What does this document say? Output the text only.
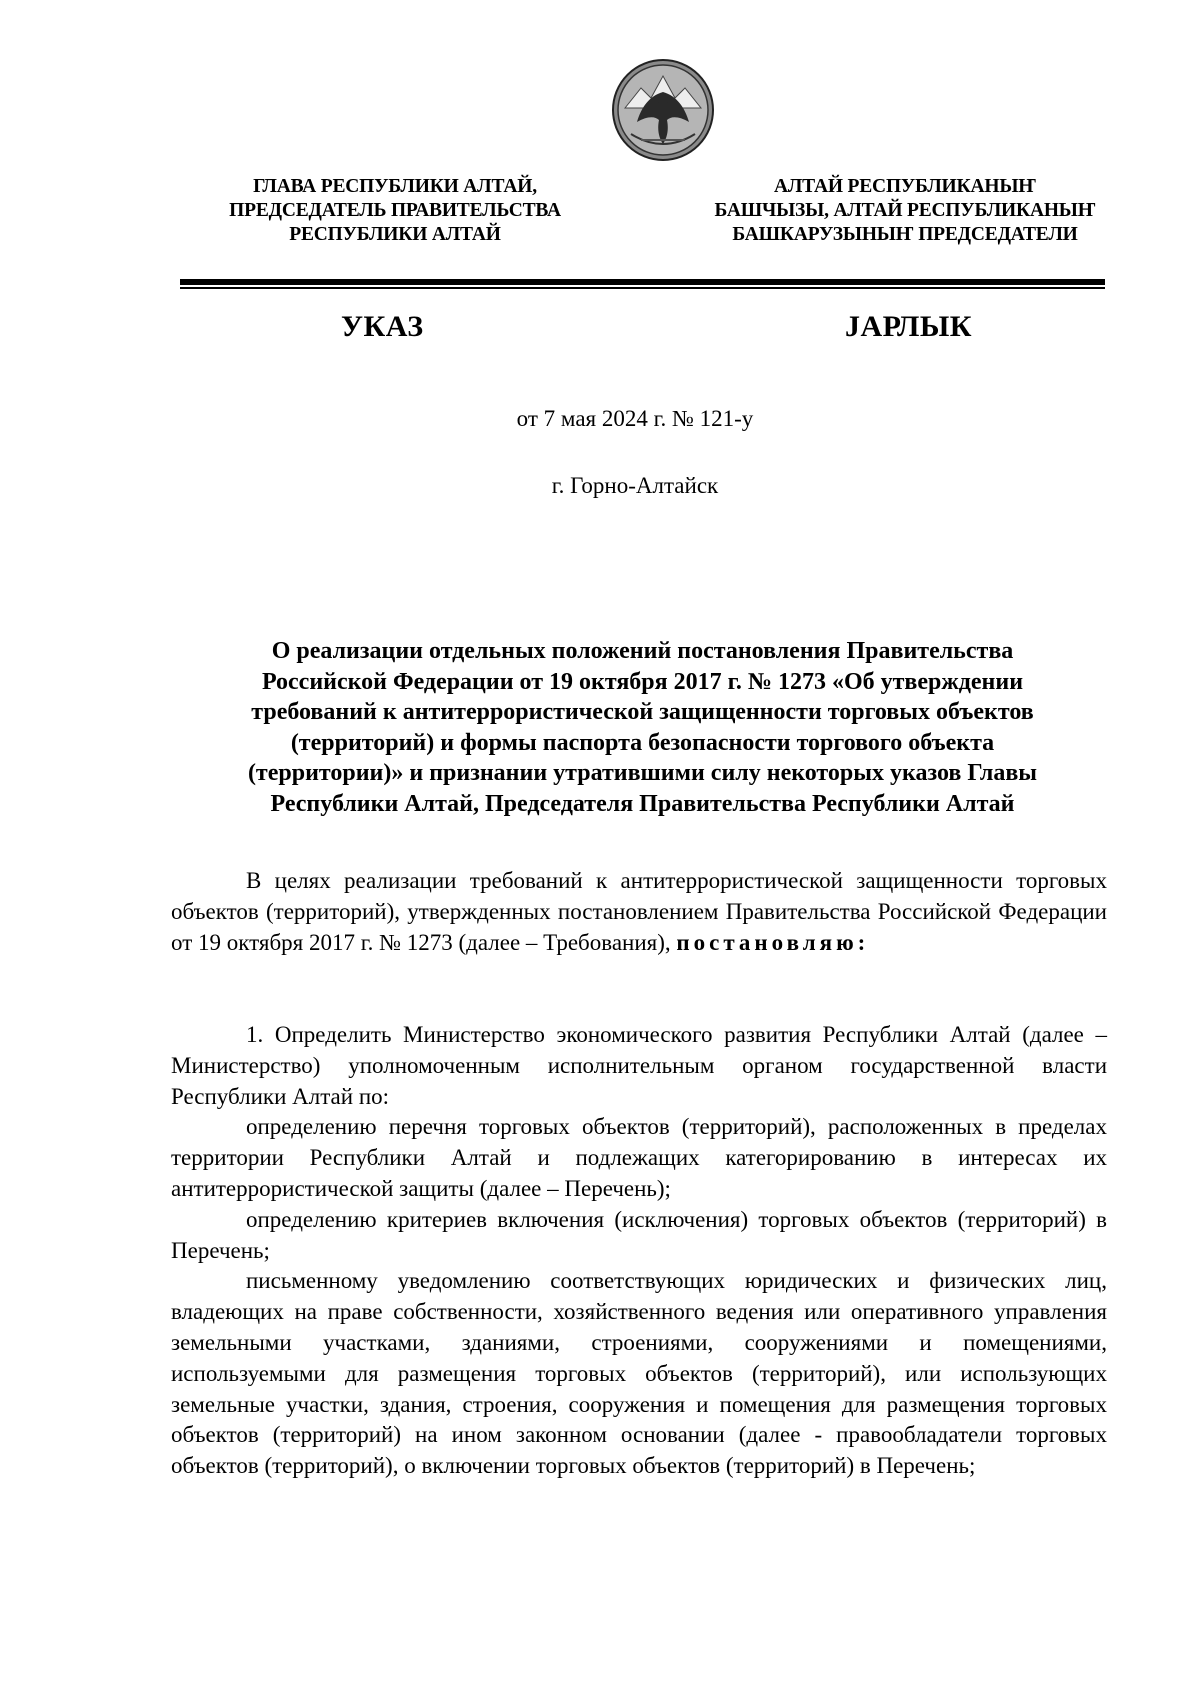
ГЛАВА РЕСПУБЛИКИ АЛТАЙ,
ПРЕДСЕДАТЕЛЬ ПРАВИТЕЛЬСТВА
РЕСПУБЛИКИ АЛТАЙ
АЛТАЙ РЕСПУБЛИКАНЫҤ
БАШЧЫЗЫ, АЛТАЙ РЕСПУБЛИКАНЫҤ
БАШКАРУЗЫНЫҤ ПРЕДСЕДАТЕЛИ
УКАЗ	JАРЛЫК
от 7 мая 2024 г. № 121-у
г. Горно-Алтайск
О реализации отдельных положений постановления Правительства
Российской Федерации от 19 октября 2017 г. № 1273 «Об утверждении
требований к антитеррористической защищенности торговых объектов
(территорий) и формы паспорта безопасности торгового объекта
(территории)» и признании утратившими силу некоторых указов Главы
Республики Алтай, Председателя Правительства Республики Алтай

В целях реализации требований к антитеррористической защищенности торговых объектов (территорий), утвержденных постановлением Правительства Российской Федерации от 19 октября 2017 г. № 1273 (далее – Требования), постановляю:

1. Определить Министерство экономического развития Республики Алтай (далее – Министерство) уполномоченным исполнительным органом государственной власти Республики Алтай по:

определению перечня торговых объектов (территорий), расположенных в пределах территории Республики Алтай и подлежащих категорированию в интересах их антитеррористической защиты (далее – Перечень);

определению критериев включения (исключения) торговых объектов (территорий) в Перечень;

письменному уведомлению соответствующих юридических и физических лиц, владеющих на праве собственности, хозяйственного ведения или оперативного управления земельными участками, зданиями, строениями, сооружениями и помещениями, используемыми для размещения торговых объектов (территорий), или использующих земельные участки, здания, строения, сооружения и помещения для размещения торговых объектов (территорий) на ином законном основании (далее - правообладатели торговых объектов (территорий), о включении торговых объектов (территорий) в Перечень;
